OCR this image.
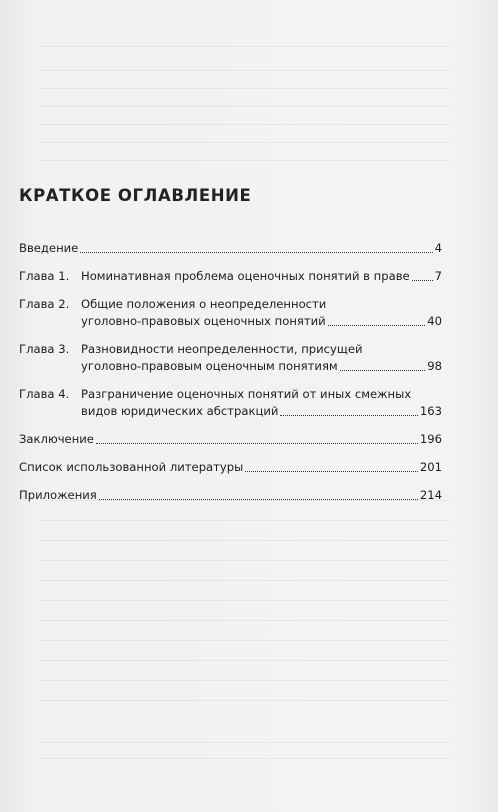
КРАТКОЕ ОГЛАВЛЕНИЕ
Введение	4
Глава 1.	Номинативная проблема оценочных понятий в праве 7
Глава 2.	Общие положения о неопределенности
уголовно-правовых оценочных понятий	40
Глава 3.	Разновидности неопределенности, присущей
уголовно-правовым оценочным понятиям	98
Глава 4.	Разграничение оценочных понятий от иных смежных
видов юридических абстракций	163
Заключение	196
Список использованной литературы	201
Приложения	214
